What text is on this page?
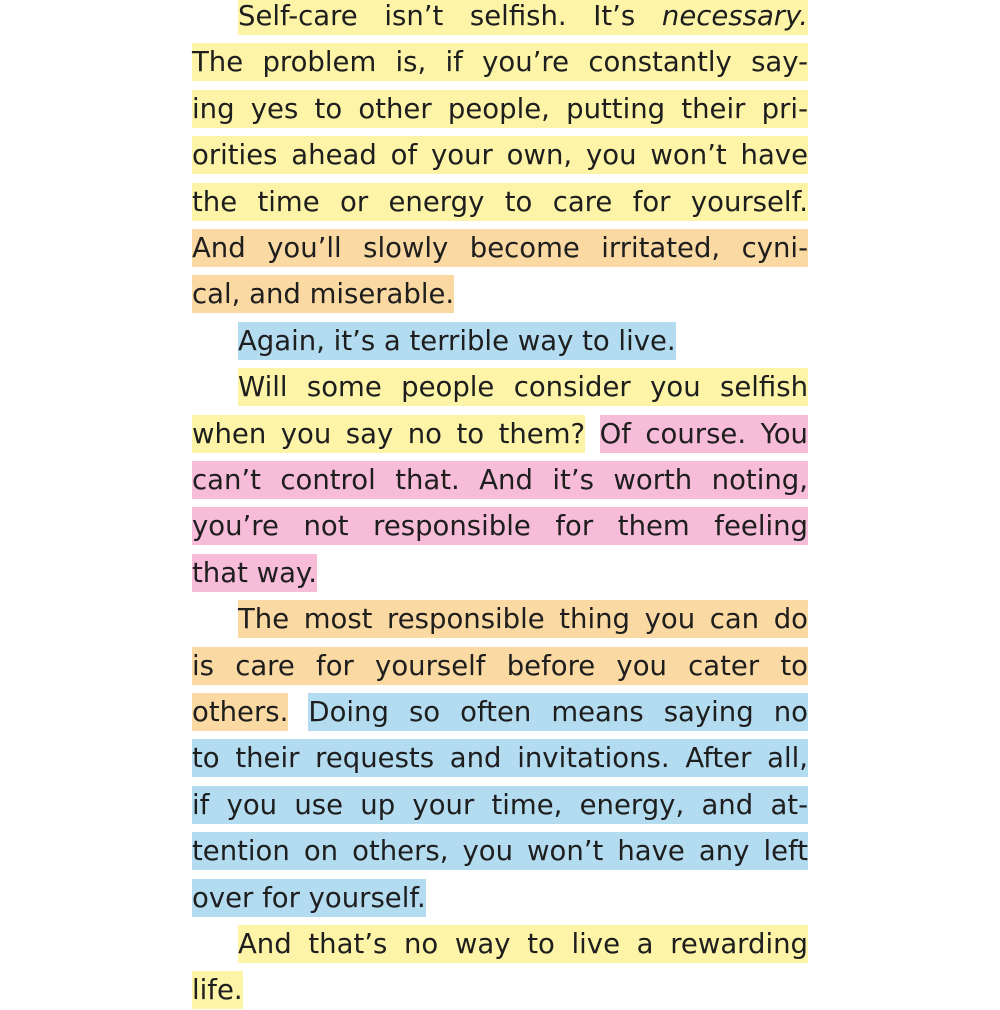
Self-care isn’t selfish. It’s necessary.
The problem is, if you’re constantly say-
ing yes to other people, putting their pri-
orities ahead of your own, you won’t have
the time or energy to care for yourself.
And you’ll slowly become irritated, cyni-
cal, and miserable.
Again, it’s a terrible way to live.
Will some people consider you selfish
when you say no to them? Of course. You
can’t control that. And it’s worth noting,
you’re not responsible for them feeling
that way.
The most responsible thing you can do
is care for yourself before you cater to
others. Doing so often means saying no
to their requests and invitations. After all,
if you use up your time, energy, and at-
tention on others, you won’t have any left
over for yourself.
And that’s no way to live a rewarding
life.
